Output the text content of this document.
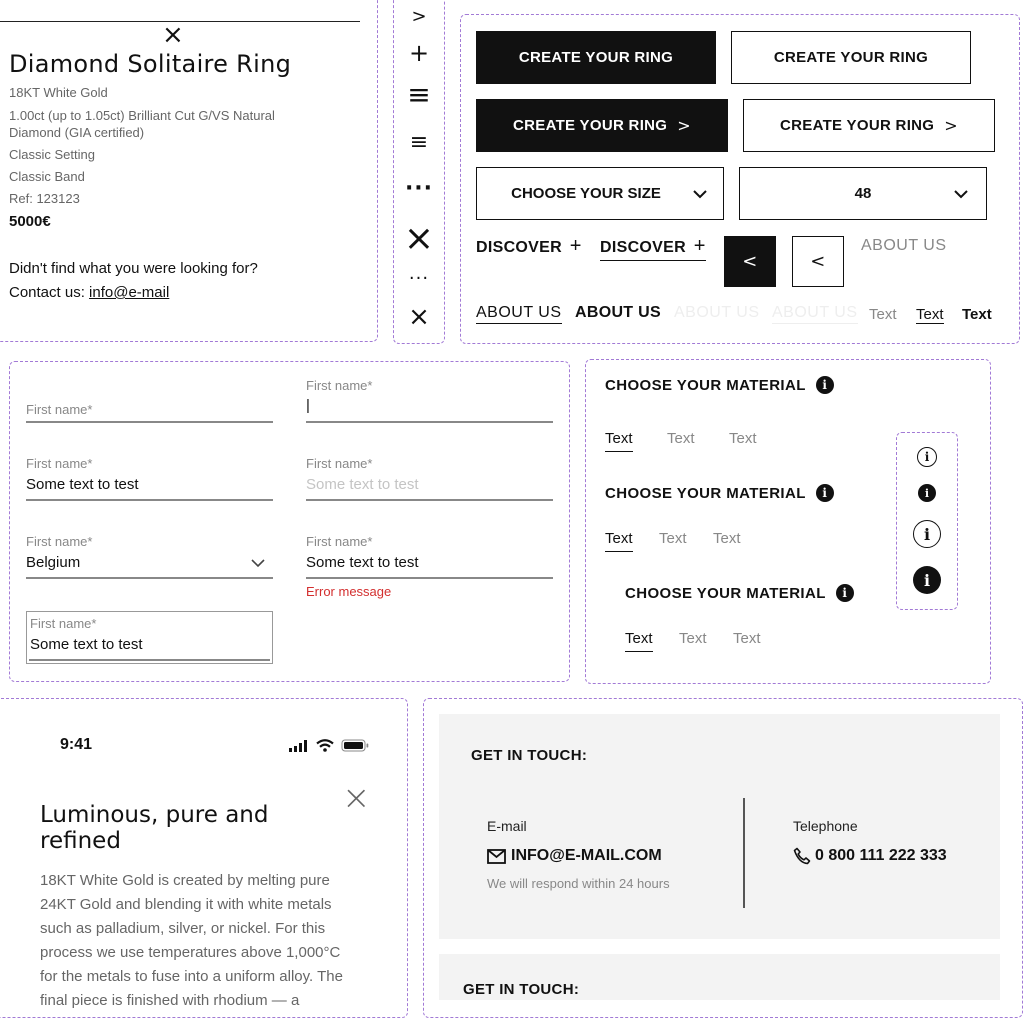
×
Diamond Solitaire Ring
18KT White Gold
1.00ct (up to 1.05ct) Brilliant Cut G/VS Natural
Diamond (GIA certified)
Classic Setting
Classic Band
Ref: 123123
5000€
Didn't find what you were looking for?
Contact us: info@e-mail
>
+
≡
≡
···
×
···
×
CREATE YOUR RING	CREATE YOUR RING
CREATE YOUR RING >	CREATE YOUR RING >
CHOOSE YOUR SIZE	48
DISCOVER + DISCOVER +
<	<
ABOUT US
ABOUT US ABOUT US ABOUT US ABOUT US Text Text Text
First name*
First name*
|
First name*
Some text to test
First name*
Some text to test
First name*
Belgium
First name*
Some text to test
Error message
First name*
Some text to test
CHOOSE YOUR MATERIAL	i
Text Text Text
CHOOSE YOUR MATERIAL	i
Text Text Text
CHOOSE YOUR MATERIAL	i
Text Text Text
i
i
i
i
9:41
×
Luminous, pure and
refined
18KT White Gold is created by melting pure
24KT Gold and blending it with white metals
such as palladium, silver, or nickel. For this
process we use temperatures above 1,000°C
for the metals to fuse into a uniform alloy. The
final piece is finished with rhodium — a
GET IN TOUCH:
E-mail
INFO@E-MAIL.COM
We will respond within 24 hours
Telephone
0 800 111 222 333
GET IN TOUCH:
